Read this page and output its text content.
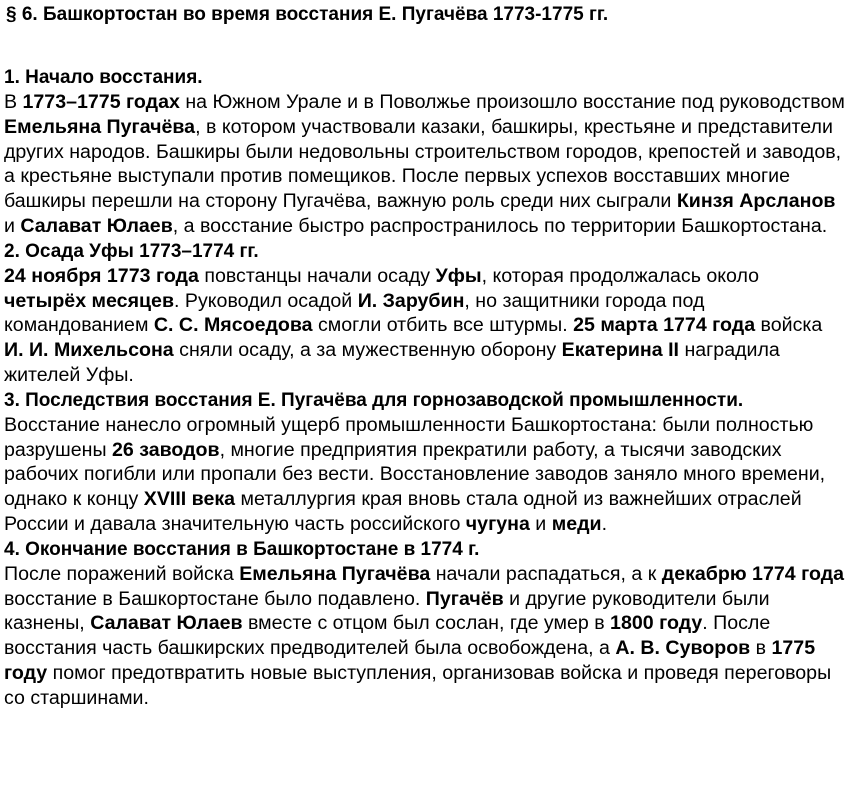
§ 6. Башкортостан во время восстания Е. Пугачёва 1773-1775 гг.
1. Начало восстания.

В 1773–1775 годах на Южном Урале и в Поволжье произошло восстание под руководством Емельяна Пугачёва, в котором участвовали казаки, башкиры, крестьяне и представители других народов. Башкиры были недовольны строительством городов, крепостей и заводов, а крестьяне выступали против помещиков. После первых успехов восставших многие башкиры перешли на сторону Пугачёва, важную роль среди них сыграли Кинзя Арсланов и Салават Юлаев, а восстание быстро распространилось по территории Башкортостана.

2. Осада Уфы 1773–1774 гг.

24 ноября 1773 года повстанцы начали осаду Уфы, которая продолжалась около четырёх месяцев. Руководил осадой И. Зарубин, но защитники города под командованием С. С. Мясоедова смогли отбить все штурмы. 25 марта 1774 года войска И. И. Михельсона сняли осаду, а за мужественную оборону Екатерина II наградила жителей Уфы.

3. Последствия восстания Е. Пугачёва для горнозаводской промышленности.

Восстание нанесло огромный ущерб промышленности Башкортостана: были полностью разрушены 26 заводов, многие предприятия прекратили работу, а тысячи заводских рабочих погибли или пропали без вести. Восстановление заводов заняло много времени, однако к концу XVIII века металлургия края вновь стала одной из важнейших отраслей России и давала значительную часть российского чугуна и меди.

4. Окончание восстания в Башкортостане в 1774 г.

После поражений войска Емельяна Пугачёва начали распадаться, а к декабрю 1774 года восстание в Башкортостане было подавлено. Пугачёв и другие руководители были казнены, Салават Юлаев вместе с отцом был сослан, где умер в 1800 году. После восстания часть башкирских предводителей была освобождена, а А. В. Суворов в 1775 году помог предотвратить новые выступления, организовав войска и проведя переговоры со старшинами.
